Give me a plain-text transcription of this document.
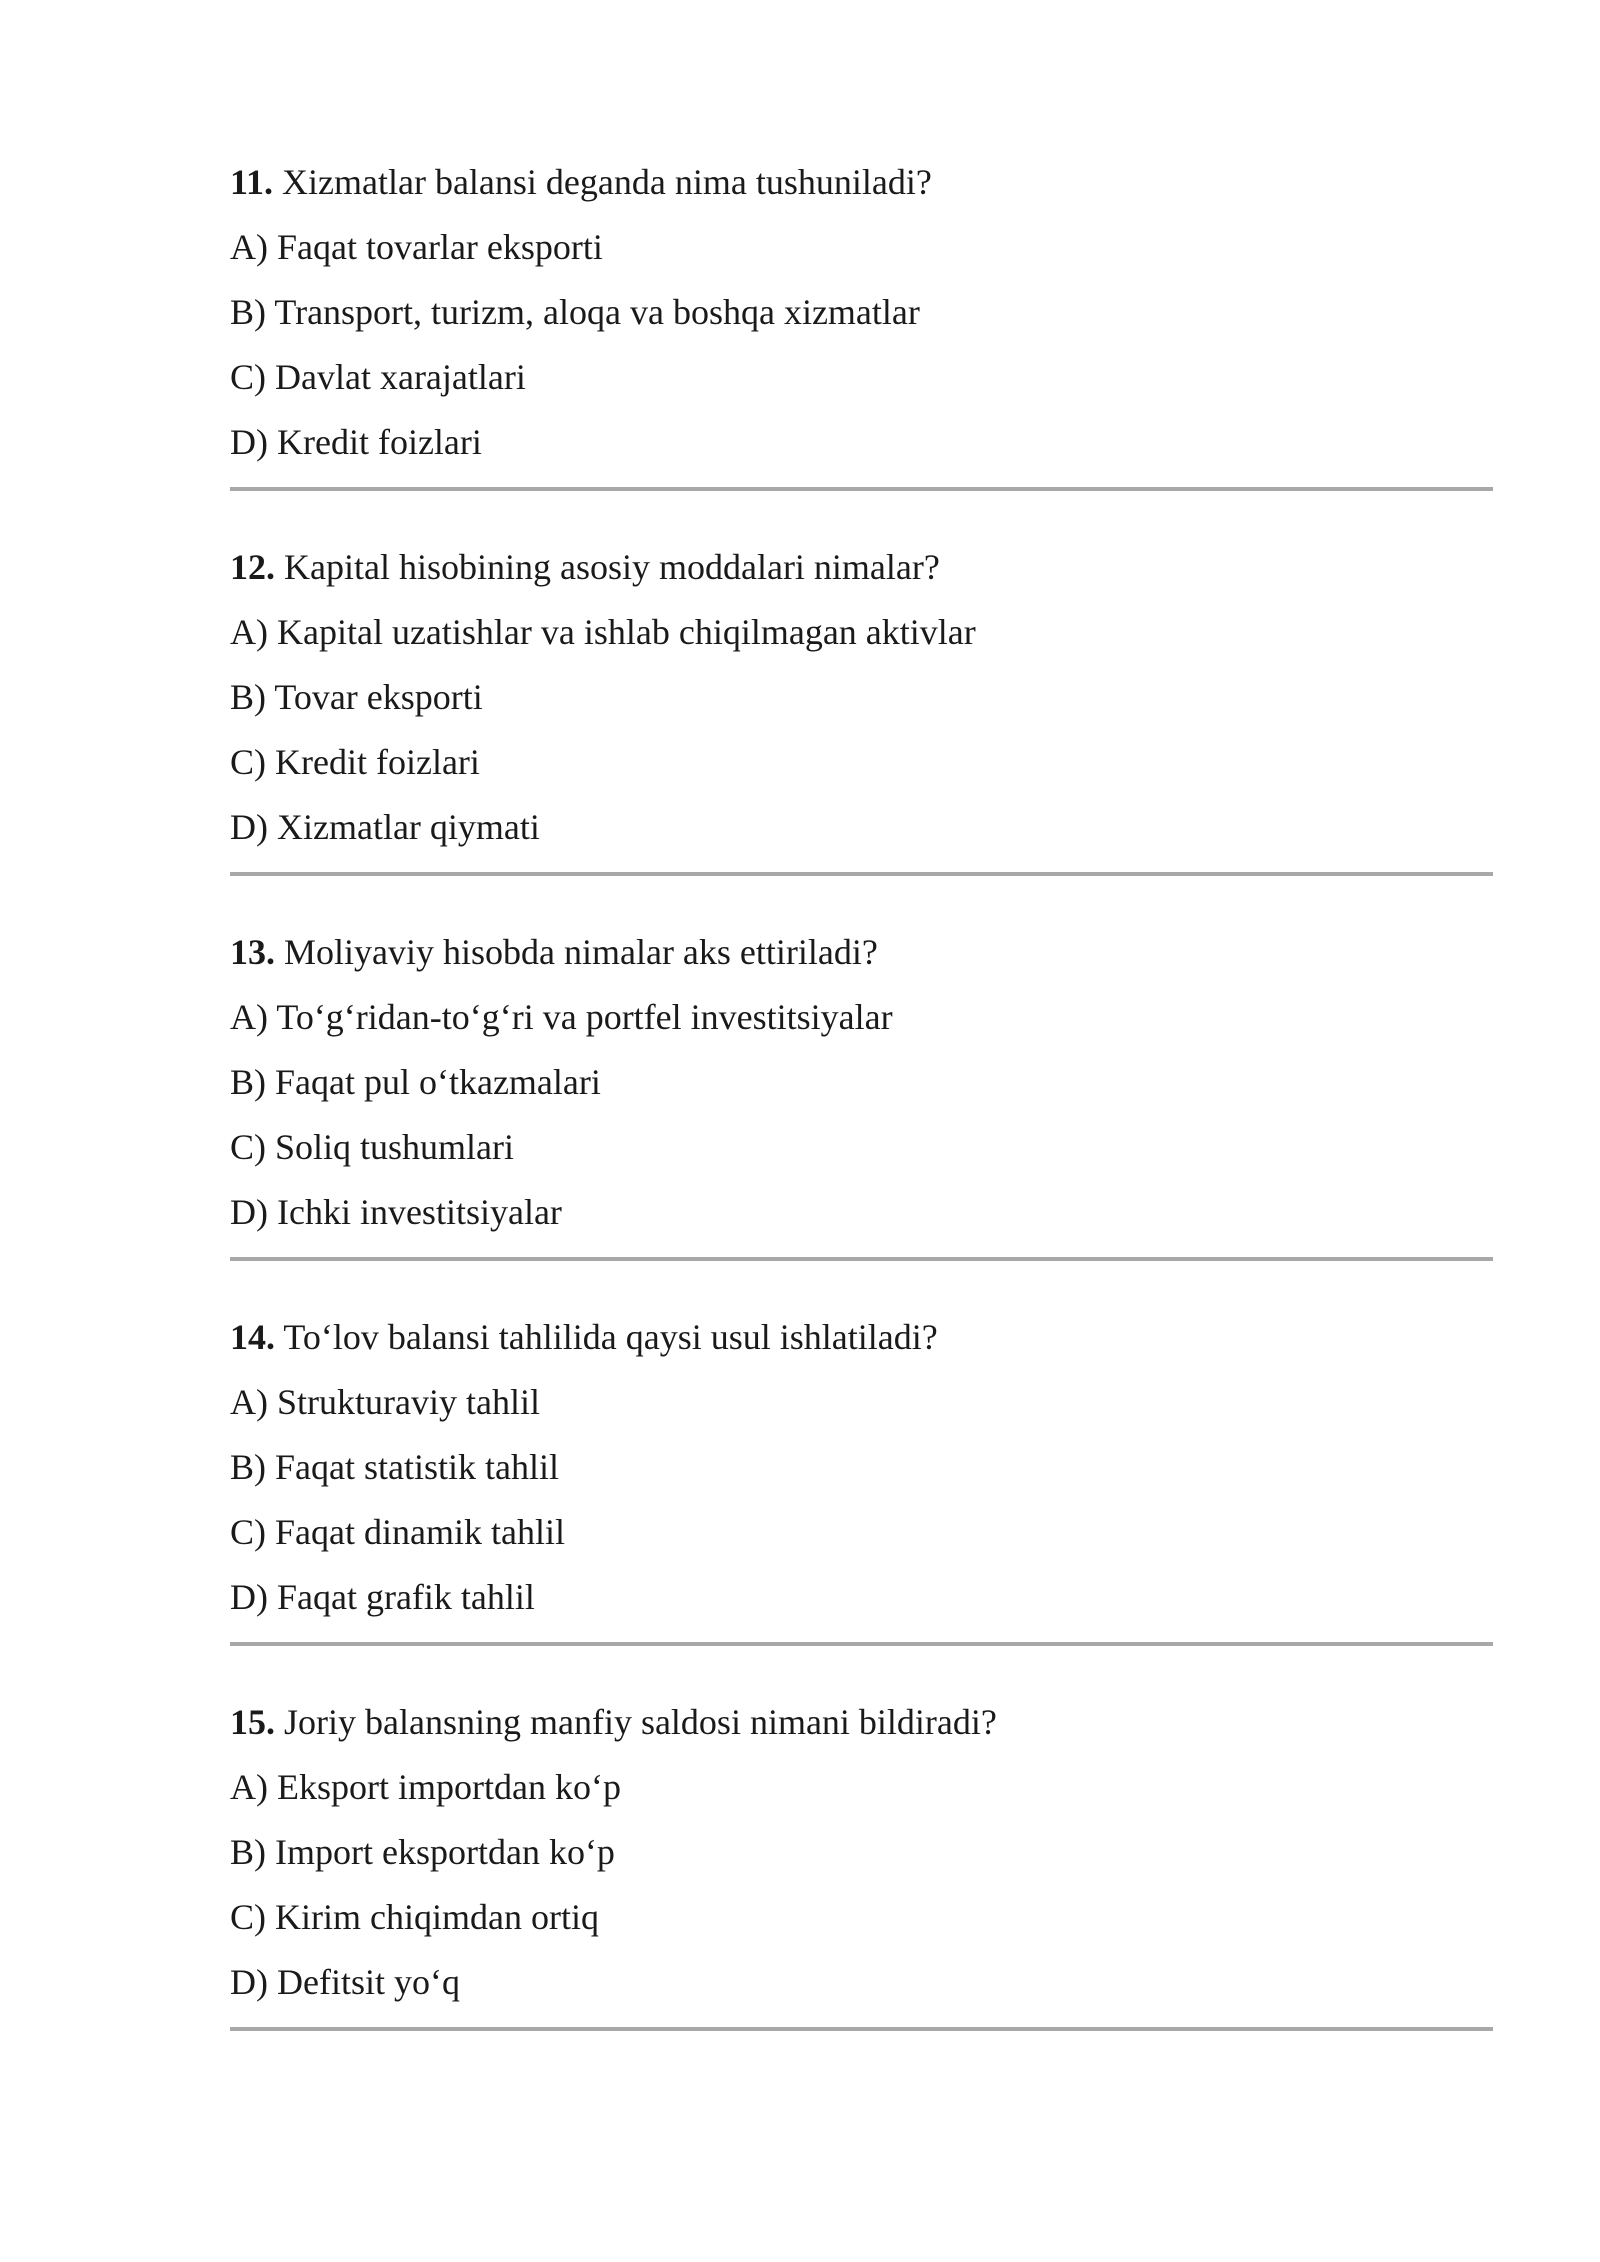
11. Xizmatlar balansi deganda nima tushuniladi?
A) Faqat tovarlar eksporti
B) Transport, turizm, aloqa va boshqa xizmatlar
C) Davlat xarajatlari
D) Kredit foizlari
12. Kapital hisobining asosiy moddalari nimalar?
A) Kapital uzatishlar va ishlab chiqilmagan aktivlar
B) Tovar eksporti
C) Kredit foizlari
D) Xizmatlar qiymati
13. Moliyaviy hisobda nimalar aks ettiriladi?
A) To‘g‘ridan-to‘g‘ri va portfel investitsiyalar
B) Faqat pul o‘tkazmalari
C) Soliq tushumlari
D) Ichki investitsiyalar
14. To‘lov balansi tahlilida qaysi usul ishlatiladi?
A) Strukturaviy tahlil
B) Faqat statistik tahlil
C) Faqat dinamik tahlil
D) Faqat grafik tahlil
15. Joriy balansning manfiy saldosi nimani bildiradi?
A) Eksport importdan ko‘p
B) Import eksportdan ko‘p
C) Kirim chiqimdan ortiq
D) Defitsit yo‘q
